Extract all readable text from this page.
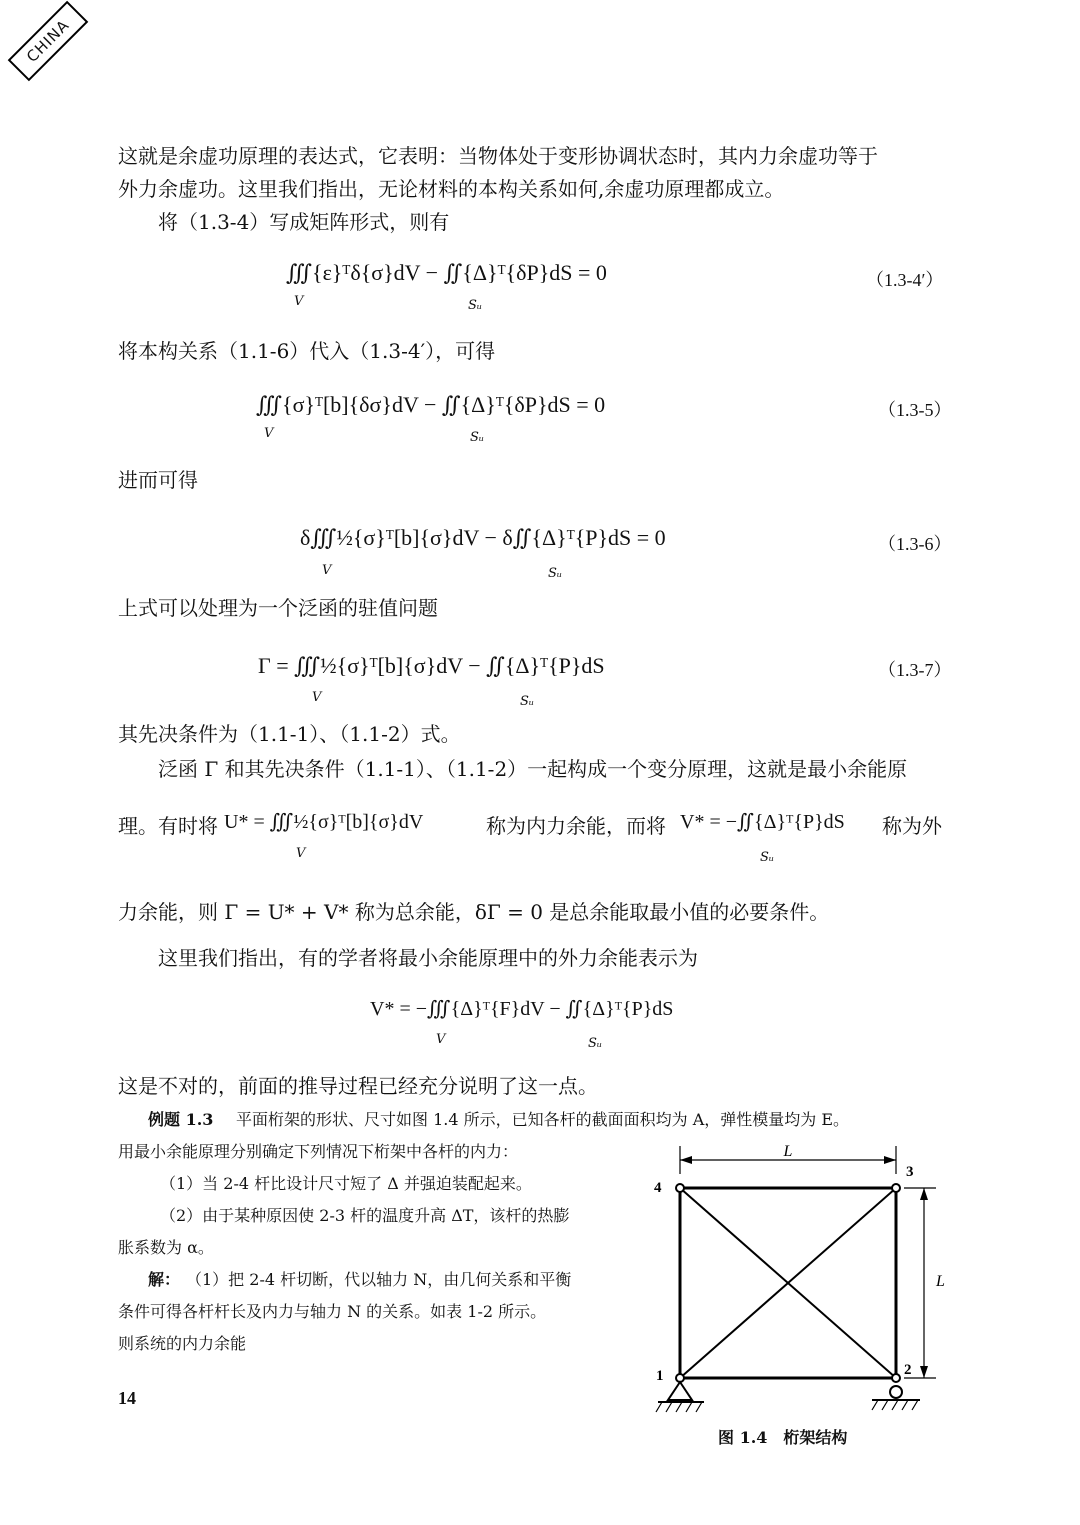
CHINA
这就是余虚功原理的表达式，它表明：当物体处于变形协调状态时，其内力余虚功等于
外力余虚功。这里我们指出，无论材料的本构关系如何,余虚功原理都成立。
将（1.3-4）写成矩阵形式，则有
∭{ε}ᵀδ{σ}dV − ∬{Δ}ᵀ{δP}dS = 0
V	Sᵤ
（1.3-4′）
将本构关系（1.1-6）代入（1.3-4′），可得
∭{σ}ᵀ[b]{δσ}dV − ∬{Δ}ᵀ{δP}dS = 0
V	Sᵤ
（1.3-5）
进而可得
δ∭½{σ}ᵀ[b]{σ}dV − δ∬{Δ}ᵀ{P}dS = 0
V	Sᵤ
（1.3-6）
上式可以处理为一个泛函的驻值问题
Γ = ∭½{σ}ᵀ[b]{σ}dV − ∬{Δ}ᵀ{P}dS
V	Sᵤ
（1.3-7）
其先决条件为（1.1-1）、（1.1-2）式。
泛函 Γ 和其先决条件（1.1-1）、（1.1-2）一起构成一个变分原理，这就是最小余能原
理。有时将 U* = ∭½{σ}ᵀ[b]{σ}dV
V
称为内力余能，而将 V* = −∬{Δ}ᵀ{P}dS
Sᵤ
称为外
力余能，则 Γ = U* + V* 称为总余能，δΓ = 0 是总余能取最小值的必要条件。
这里我们指出，有的学者将最小余能原理中的外力余能表示为
V* = −∭{Δ}ᵀ{F}dV − ∬{Δ}ᵀ{P}dS
V	Sᵤ
这是不对的，前面的推导过程已经充分说明了这一点。
例题 1.3 平面桁架的形状、尺寸如图 1.4 所示，已知各杆的截面面积均为 A，弹性模量均为 E。
用最小余能原理分别确定下列情况下桁架中各杆的内力：
（1）当 2-4 杆比设计尺寸短了 Δ 并强迫装配起来。
（2）由于某种原因使 2-3 杆的温度升高 ΔT，该杆的热膨
胀系数为 α。
解： （1）把 2-4 杆切断，代以轴力 N，由几何关系和平衡
条件可得各杆杆长及内力与轴力 N 的关系。如表 1-2 所示。
则系统的内力余能
14
L
L
4
3
1	2
图 1.4　桁架结构
